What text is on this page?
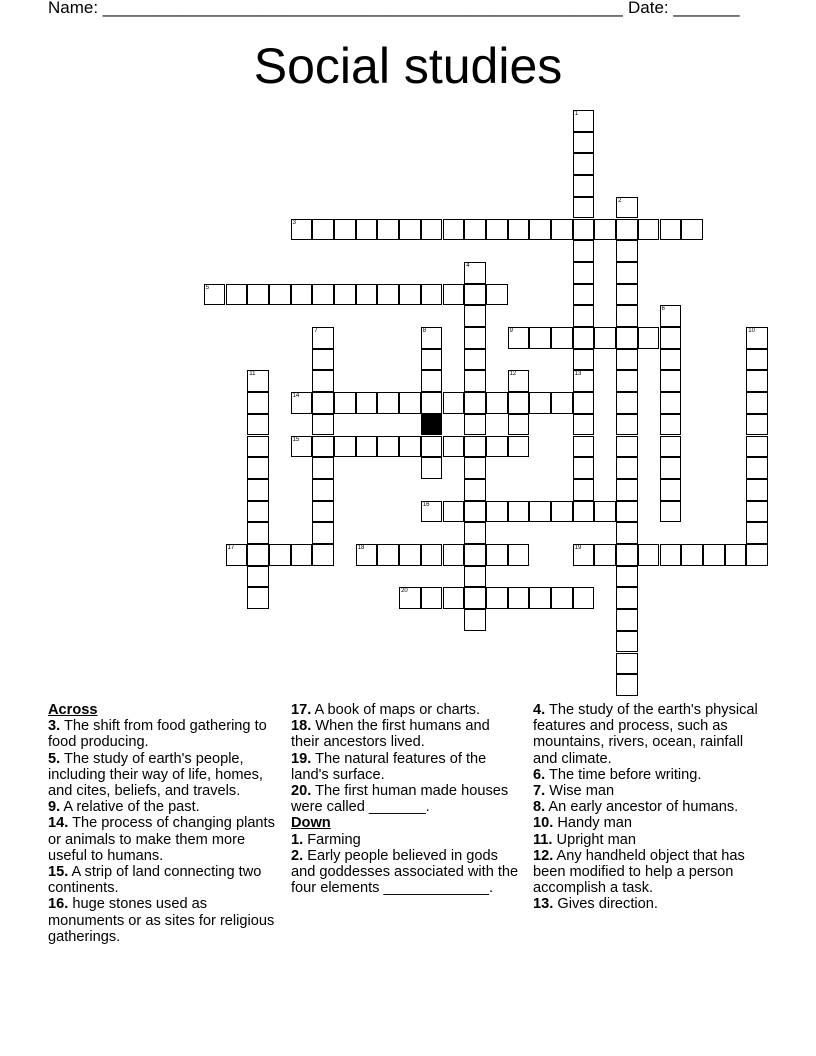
Name: _______________________________________________________ Date: _______
Social studies
1
13
2
3
4
5
6
7	8	9	10
11	12
14
15
16
17	18	19
20
Across
3. The shift from food gathering to food producing.
5. The study of earth's people, including their way of life, homes, and cites, beliefs, and travels.
9. A relative of the past.
14. The process of changing plants or animals to make them more useful to humans.
15. A strip of land connecting two continents.
16. huge stones used as monuments or as sites for religious gatherings.
17. A book of maps or charts.
18. When the first humans and their ancestors lived.
19. The natural features of the land's surface.
20. The first human made houses were called _______.
Down
1. Farming
2. Early people believed in gods and goddesses associated with the four elements _____________.
4. The study of the earth's physical features and process, such as mountains, rivers, ocean, rainfall and climate.
6. The time before writing.
7. Wise man
8. An early ancestor of humans.
10. Handy man
11. Upright man
12. Any handheld object that has been modified to help a person accomplish a task.
13. Gives direction.
